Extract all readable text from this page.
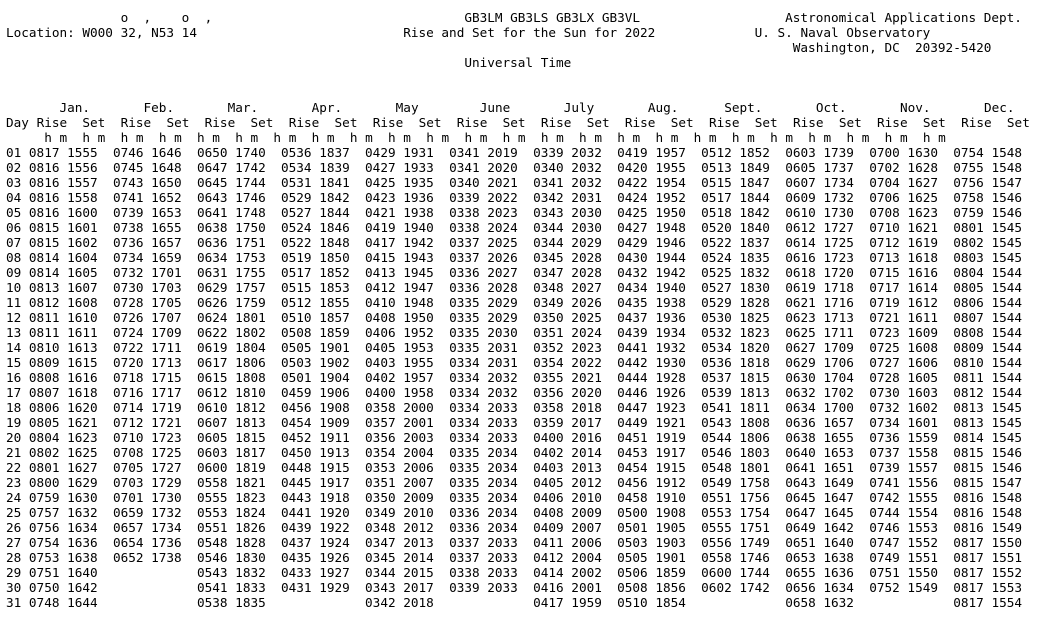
o  ,    o  ,	GB3LM GB3LS GB3LX GB3VL	Astronomical Applications Dept.
Location: W000 32, N53 14	Rise and Set for the Sun for 2022	U. S. Naval Observatory
Washington, DC  20392-5420
Universal Time
Jan.	Feb.	Mar.	Apr.	May	June	July	Aug.	Sept.	Oct.	Nov.	Dec.
Day Rise Set Rise Set Rise Set Rise Set Rise Set Rise Set Rise Set Rise Set Rise Set Rise Set Rise Set Rise Set
h m h m h m h m h m h m h m h m h m h m h m h m h m h m h m h m h m h m h m h m h m h m h m h m
01 0817 1555 0746 1646 0650 1740 0536 1837 0429 1931 0341 2019 0339 2032 0419 1957 0512 1852 0603 1739 0700 1630 0754 1548
02 0816 1556 0745 1648 0647 1742 0534 1839 0427 1933 0341 2020 0340 2032 0420 1955 0513 1849 0605 1737 0702 1628 0755 1548
03 0816 1557 0743 1650 0645 1744 0531 1841 0425 1935 0340 2021 0341 2032 0422 1954 0515 1847 0607 1734 0704 1627 0756 1547
04 0816 1558 0741 1652 0643 1746 0529 1842 0423 1936 0339 2022 0342 2031 0424 1952 0517 1844 0609 1732 0706 1625 0758 1546
05 0816 1600 0739 1653 0641 1748 0527 1844 0421 1938 0338 2023 0343 2030 0425 1950 0518 1842 0610 1730 0708 1623 0759 1546
06 0815 1601 0738 1655 0638 1750 0524 1846 0419 1940 0338 2024 0344 2030 0427 1948 0520 1840 0612 1727 0710 1621 0801 1545
07 0815 1602 0736 1657 0636 1751 0522 1848 0417 1942 0337 2025 0344 2029 0429 1946 0522 1837 0614 1725 0712 1619 0802 1545
08 0814 1604 0734 1659 0634 1753 0519 1850 0415 1943 0337 2026 0345 2028 0430 1944 0524 1835 0616 1723 0713 1618 0803 1545
09 0814 1605 0732 1701 0631 1755 0517 1852 0413 1945 0336 2027 0347 2028 0432 1942 0525 1832 0618 1720 0715 1616 0804 1544
10 0813 1607 0730 1703 0629 1757 0515 1853 0412 1947 0336 2028 0348 2027 0434 1940 0527 1830 0619 1718 0717 1614 0805 1544
11 0812 1608 0728 1705 0626 1759 0512 1855 0410 1948 0335 2029 0349 2026 0435 1938 0529 1828 0621 1716 0719 1612 0806 1544
12 0811 1610 0726 1707 0624 1801 0510 1857 0408 1950 0335 2029 0350 2025 0437 1936 0530 1825 0623 1713 0721 1611 0807 1544
13 0811 1611 0724 1709 0622 1802 0508 1859 0406 1952 0335 2030 0351 2024 0439 1934 0532 1823 0625 1711 0723 1609 0808 1544
14 0810 1613 0722 1711 0619 1804 0505 1901 0405 1953 0335 2031 0352 2023 0441 1932 0534 1820 0627 1709 0725 1608 0809 1544
15 0809 1615 0720 1713 0617 1806 0503 1902 0403 1955 0334 2031 0354 2022 0442 1930 0536 1818 0629 1706 0727 1606 0810 1544
16 0808 1616 0718 1715 0615 1808 0501 1904 0402 1957 0334 2032 0355 2021 0444 1928 0537 1815 0630 1704 0728 1605 0811 1544
17 0807 1618 0716 1717 0612 1810 0459 1906 0400 1958 0334 2032 0356 2020 0446 1926 0539 1813 0632 1702 0730 1603 0812 1544
18 0806 1620 0714 1719 0610 1812 0456 1908 0358 2000 0334 2033 0358 2018 0447 1923 0541 1811 0634 1700 0732 1602 0813 1545
19 0805 1621 0712 1721 0607 1813 0454 1909 0357 2001 0334 2033 0359 2017 0449 1921 0543 1808 0636 1657 0734 1601 0813 1545
20 0804 1623 0710 1723 0605 1815 0452 1911 0356 2003 0334 2033 0400 2016 0451 1919 0544 1806 0638 1655 0736 1559 0814 1545
21 0802 1625 0708 1725 0603 1817 0450 1913 0354 2004 0335 2034 0402 2014 0453 1917 0546 1803 0640 1653 0737 1558 0815 1546
22 0801 1627 0705 1727 0600 1819 0448 1915 0353 2006 0335 2034 0403 2013 0454 1915 0548 1801 0641 1651 0739 1557 0815 1546
23 0800 1629 0703 1729 0558 1821 0445 1917 0351 2007 0335 2034 0405 2012 0456 1912 0549 1758 0643 1649 0741 1556 0815 1547
24 0759 1630 0701 1730 0555 1823 0443 1918 0350 2009 0335 2034 0406 2010 0458 1910 0551 1756 0645 1647 0742 1555 0816 1548
25 0757 1632 0659 1732 0553 1824 0441 1920 0349 2010 0336 2034 0408 2009 0500 1908 0553 1754 0647 1645 0744 1554 0816 1548
26 0756 1634 0657 1734 0551 1826 0439 1922 0348 2012 0336 2034 0409 2007 0501 1905 0555 1751 0649 1642 0746 1553 0816 1549
27 0754 1636 0654 1736 0548 1828 0437 1924 0347 2013 0337 2033 0411 2006 0503 1903 0556 1749 0651 1640 0747 1552 0817 1550
28 0753 1638 0652 1738 0546 1830 0435 1926 0345 2014 0337 2033 0412 2004 0505 1901 0558 1746 0653 1638 0749 1551 0817 1551
29 0751 1640	0543 1832 0433 1927 0344 2015 0338 2033 0414 2002 0506 1859 0600 1744 0655 1636 0751 1550 0817 1552
30 0750 1642	0541 1833 0431 1929 0343 2017 0339 2033 0416 2001 0508 1856 0602 1742 0656 1634 0752 1549 0817 1553
31 0748 1644	0538 1835	0342 2018	0417 1959 0510 1854	0658 1632	0817 1554
